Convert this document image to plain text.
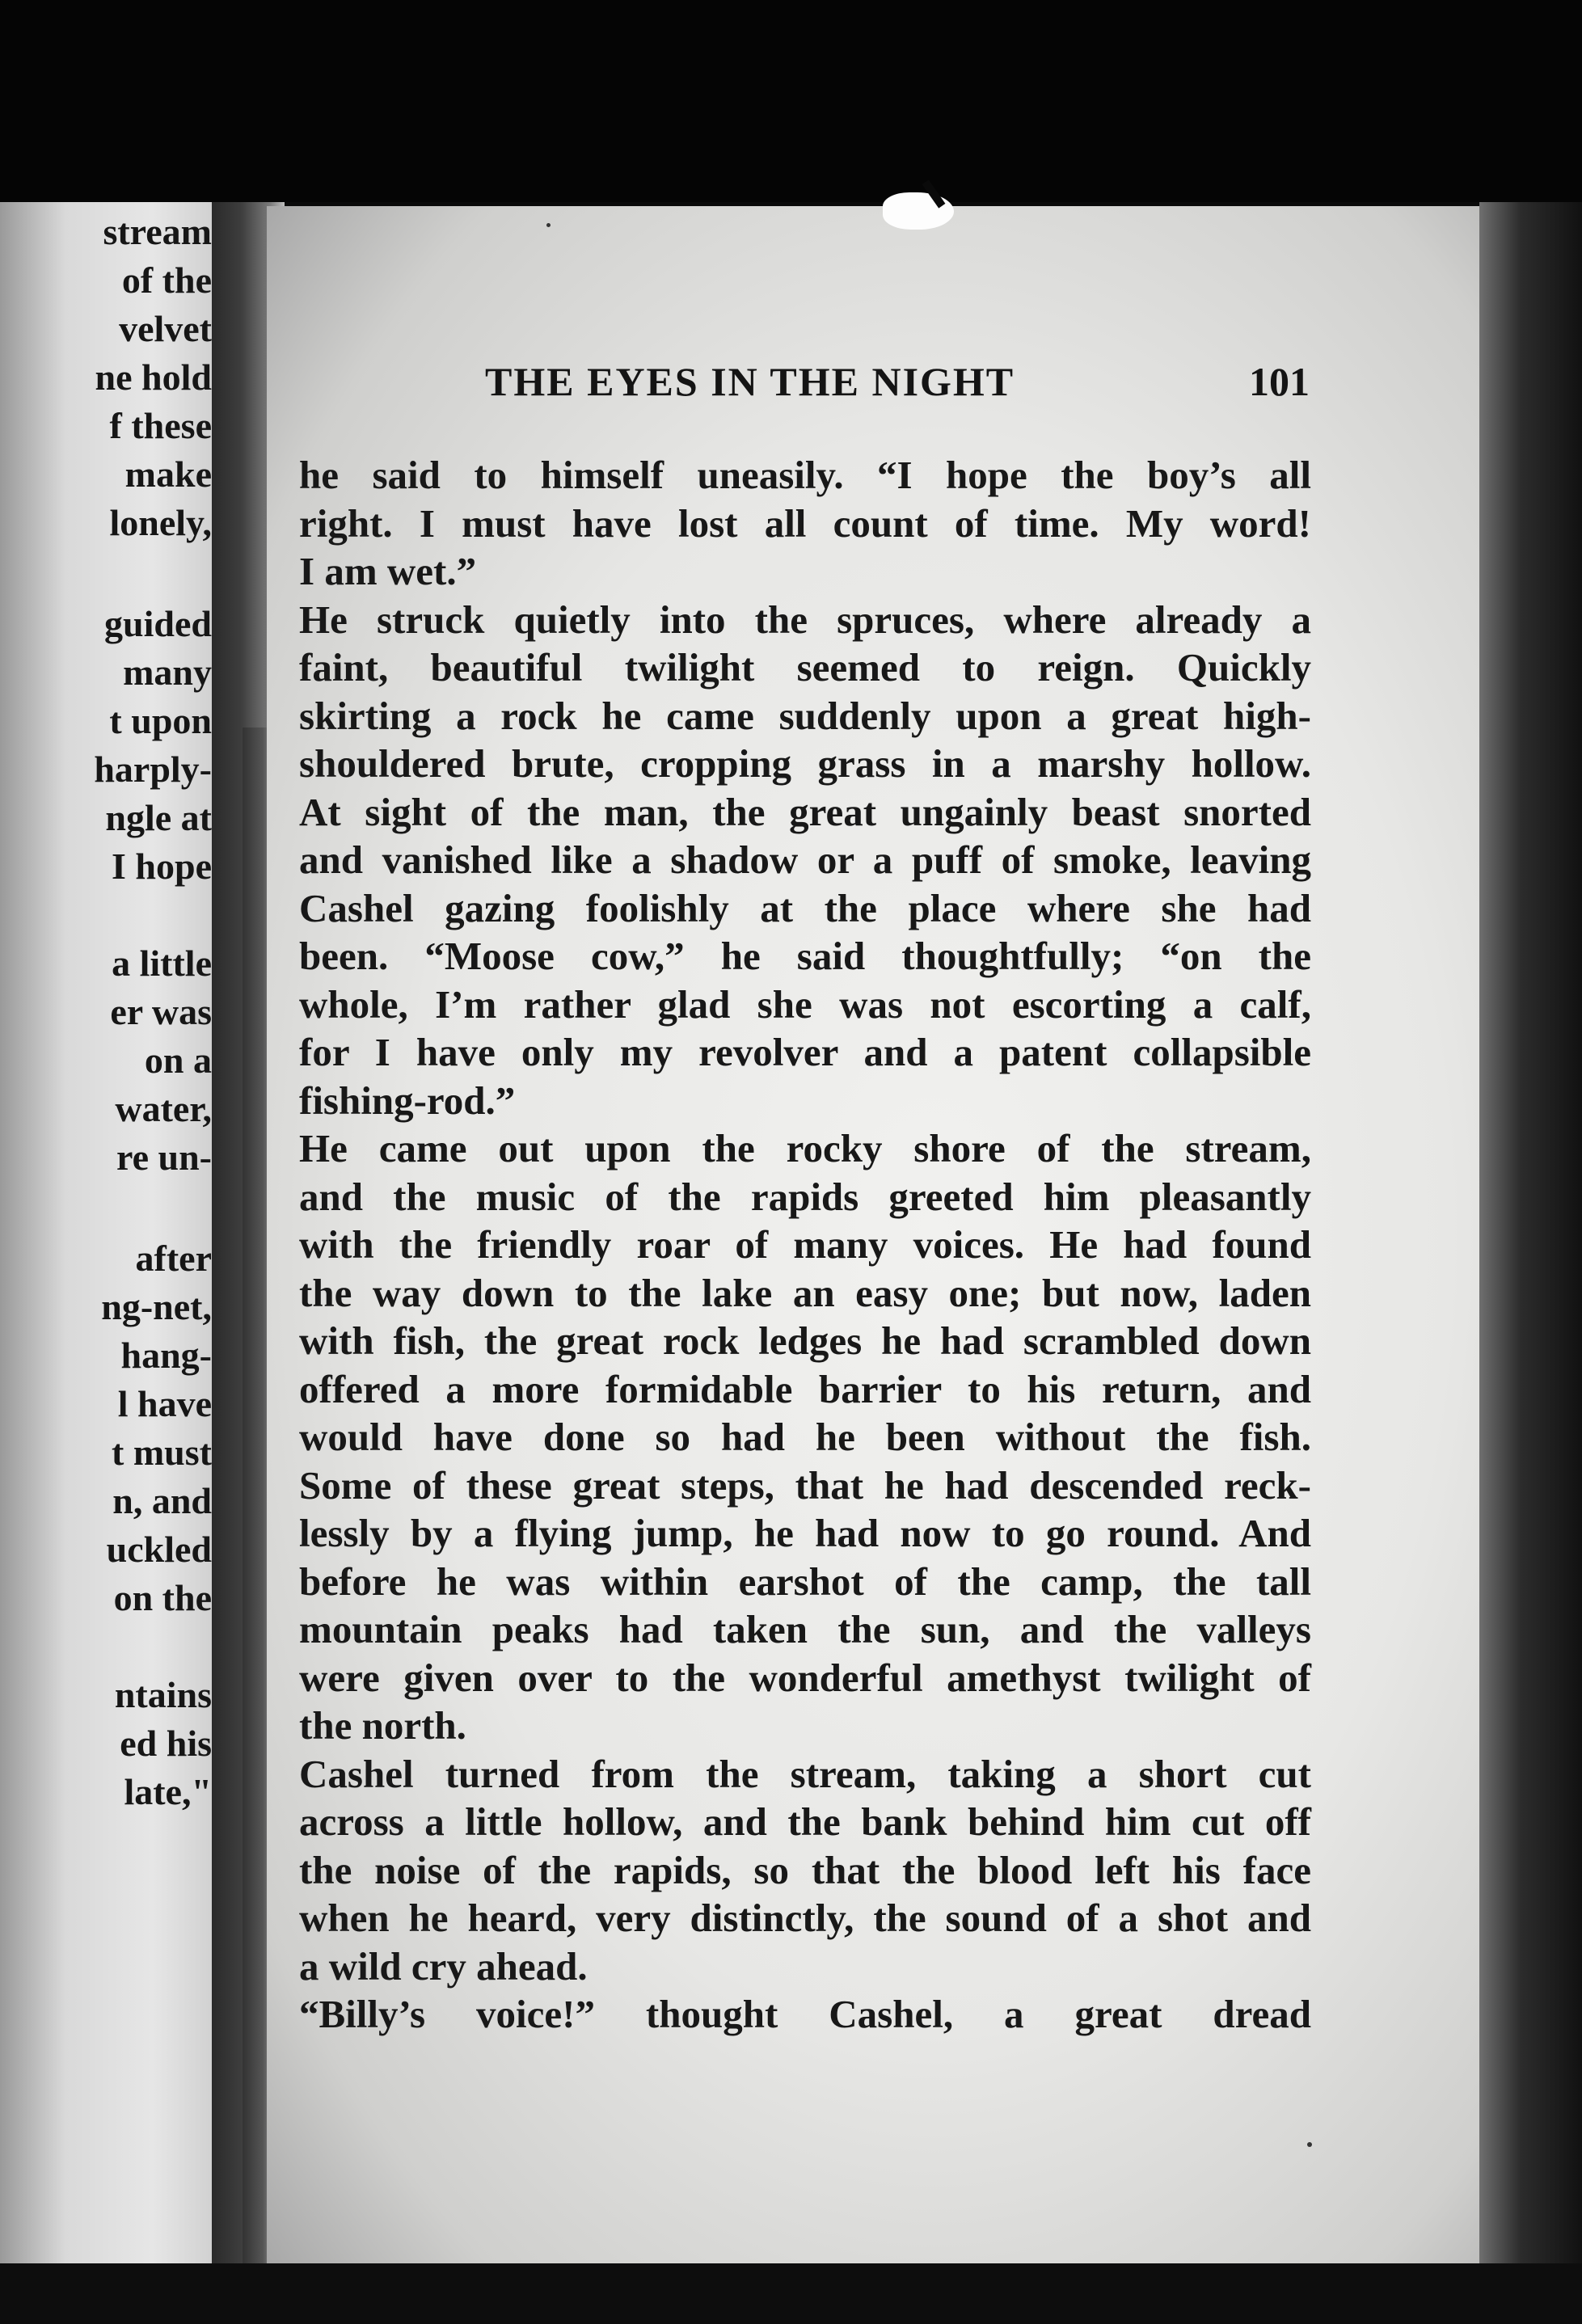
stream
of the
velvet
ne hold
f these
make
lonely,
guided
many
t upon
harply-
ngle at
I hope
a little
er was
on a
water,
re un-
after
ng-net,
hang-
l have
t must
n, and
uckled
on the
ntains
ed his
late,"
THE EYES IN THE NIGHT	101
he said to himself uneasily. “I hope the boy’s all
right. I must have lost all count of time. My word!
I am wet.”
He struck quietly into the spruces, where already a
faint, beautiful twilight seemed to reign. Quickly
skirting a rock he came suddenly upon a great high-
shouldered brute, cropping grass in a marshy hollow.
At sight of the man, the great ungainly beast snorted
and vanished like a shadow or a puff of smoke, leaving
Cashel gazing foolishly at the place where she had
been. “Moose cow,” he said thoughtfully; “on the
whole, I’m rather glad she was not escorting a calf,
for I have only my revolver and a patent collapsible
fishing-rod.”
He came out upon the rocky shore of the stream,
and the music of the rapids greeted him pleasantly
with the friendly roar of many voices. He had found
the way down to the lake an easy one; but now, laden
with fish, the great rock ledges he had scrambled down
offered a more formidable barrier to his return, and
would have done so had he been without the fish.
Some of these great steps, that he had descended reck-
lessly by a flying jump, he had now to go round. And
before he was within earshot of the camp, the tall
mountain peaks had taken the sun, and the valleys
were given over to the wonderful amethyst twilight of
the north.
Cashel turned from the stream, taking a short cut
across a little hollow, and the bank behind him cut off
the noise of the rapids, so that the blood left his face
when he heard, very distinctly, the sound of a shot and
a wild cry ahead.
“Billy’s voice!” thought Cashel, a great dread
